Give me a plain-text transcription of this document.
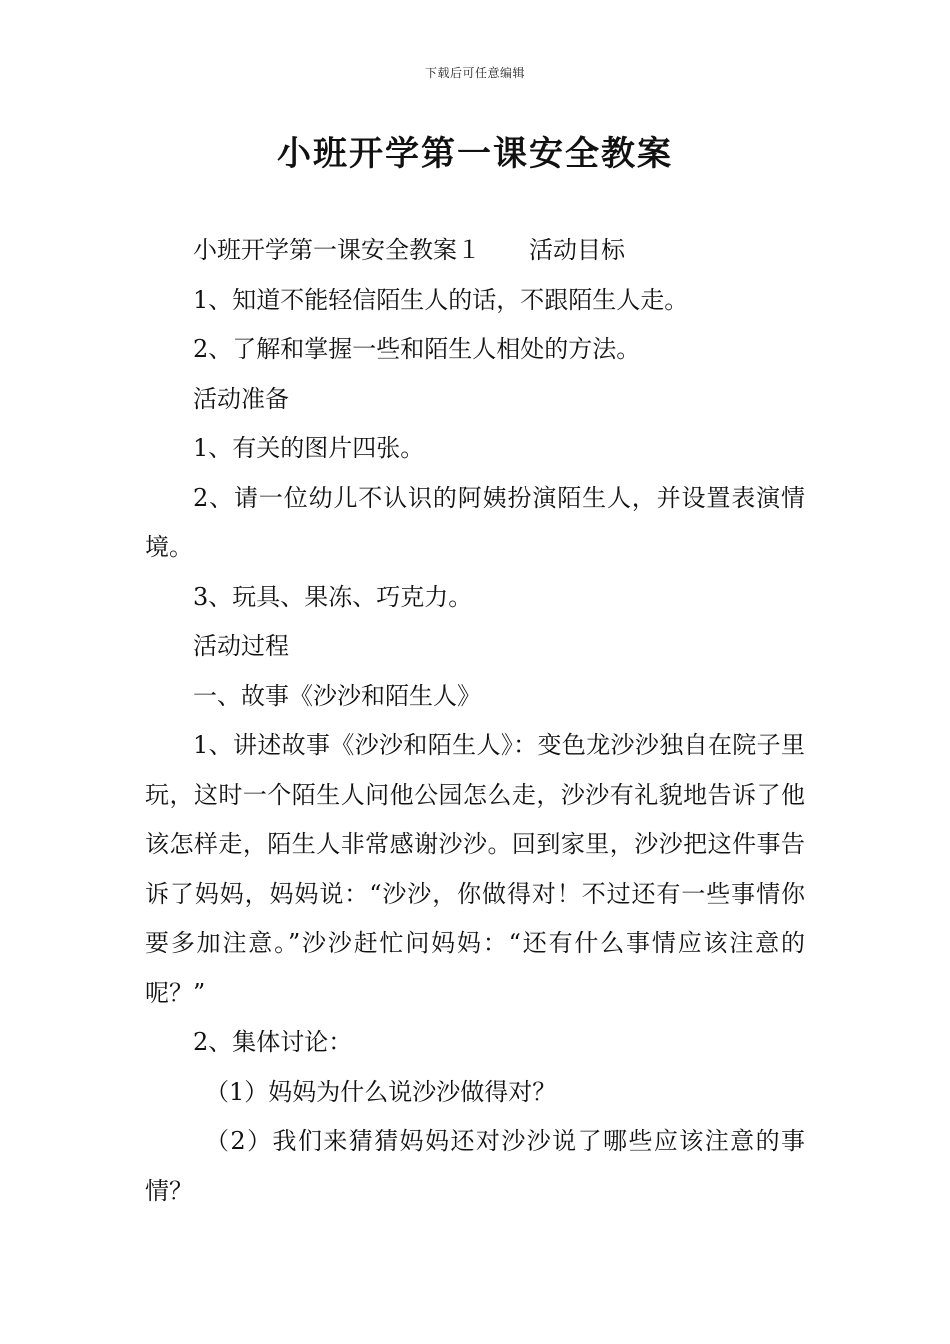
下载后可任意编辑
小班开学第一课安全教案

小班开学第一课安全教案１　　活动目标

1、知道不能轻信陌生人的话，不跟陌生人走。

2、了解和掌握一些和陌生人相处的方法。

活动准备

1、有关的图片四张。

2、请一位幼儿不认识的阿姨扮演陌生人，并设置表演情境。

3、玩具、果冻、巧克力。

活动过程

一、故事《沙沙和陌生人》

1、讲述故事《沙沙和陌生人》：变色龙沙沙独自在院子里玩，这时一个陌生人问他公园怎么走，沙沙有礼貌地告诉了他该怎样走，陌生人非常感谢沙沙。回到家里，沙沙把这件事告诉了妈妈，妈妈说：“沙沙，你做得对！不过还有一些事情你要多加注意。”沙沙赶忙问妈妈：“还有什么事情应该注意的呢？”

2、集体讨论：

（1）妈妈为什么说沙沙做得对？

（2）我们来猜猜妈妈还对沙沙说了哪些应该注意的事情？
